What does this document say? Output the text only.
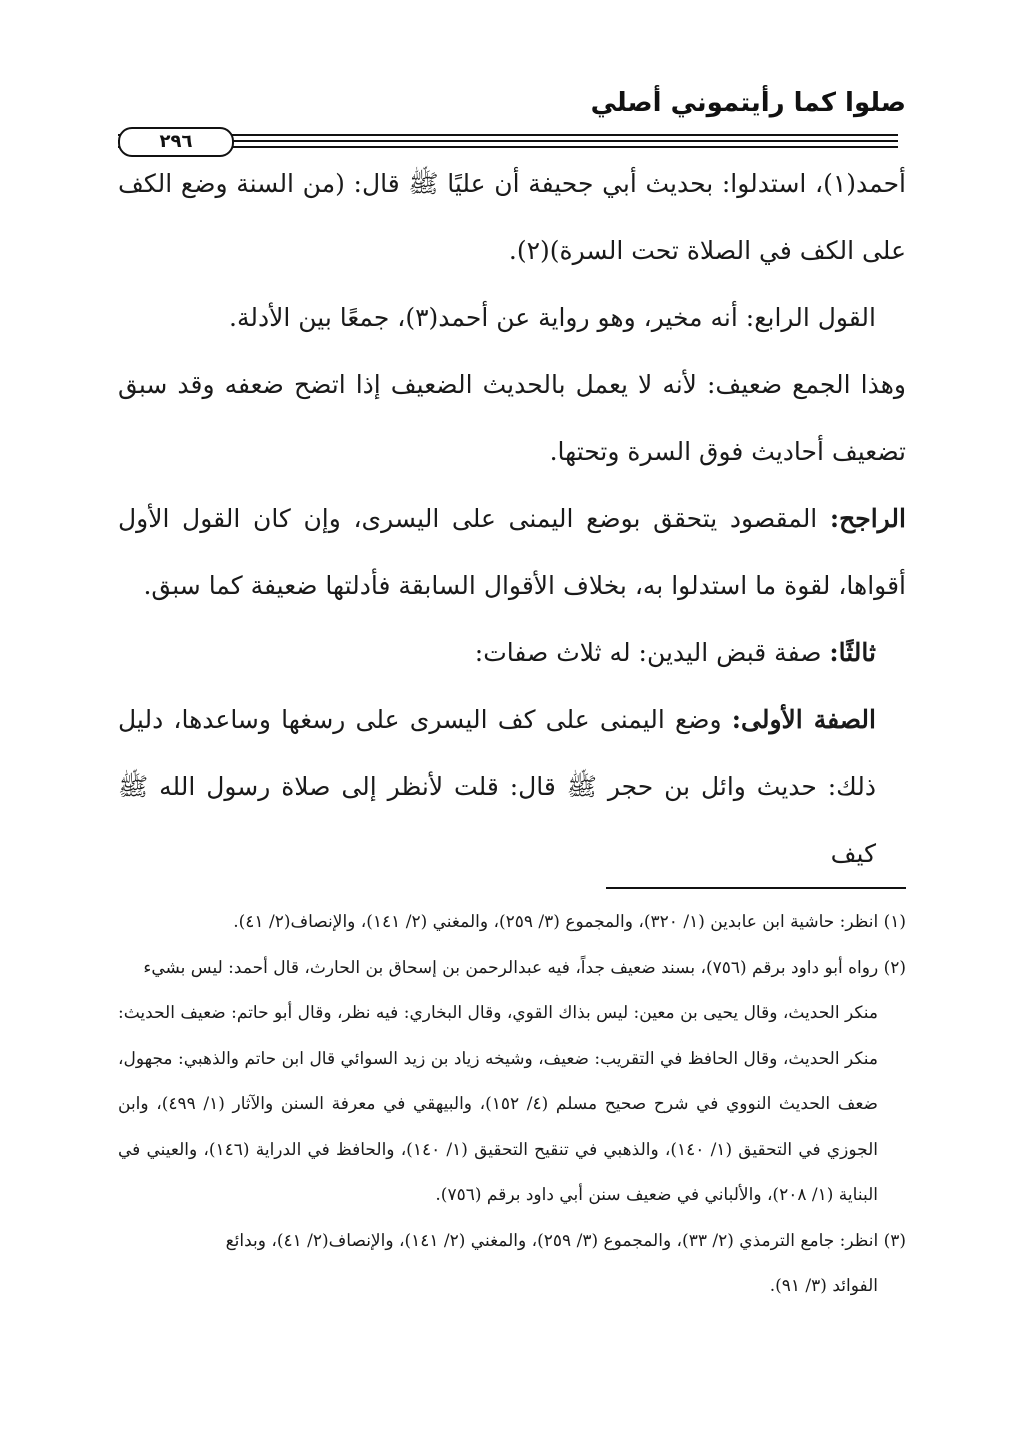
صلوا كما رأيتموني أصلي
٢٩٦

أحمد(١)، استدلوا: بحديث أبي جحيفة أن عليًا ﷺ قال: (من السنة وضع الكف على الكف في الصلاة تحت السرة)(٢).

القول الرابع: أنه مخير، وهو رواية عن أحمد(٣)، جمعًا بين الأدلة.

وهذا الجمع ضعيف: لأنه لا يعمل بالحديث الضعيف إذا اتضح ضعفه وقد سبق تضعيف أحاديث فوق السرة وتحتها.

الراجح: المقصود يتحقق بوضع اليمنى على اليسرى، وإن كان القول الأول أقواها، لقوة ما استدلوا به، بخلاف الأقوال السابقة فأدلتها ضعيفة كما سبق.

ثالثًا: صفة قبض اليدين: له ثلاث صفات:

الصفة الأولى: وضع اليمنى على كف اليسرى على رسغها وساعدها، دليل ذلك: حديث وائل بن حجر ﷺ قال: قلت لأنظر إلى صلاة رسول الله ﷺ كيف

(١) انظر: حاشية ابن عابدين (١/ ٣٢٠)، والمجموع (٣/ ٢٥٩)، والمغني (٢/ ١٤١)، والإنصاف(٢/ ٤١).

(٢) رواه أبو داود برقم (٧٥٦)، بسند ضعيف جداً، فيه عبدالرحمن بن إسحاق بن الحارث، قال أحمد: ليس بشيء

منكر الحديث، وقال يحيى بن معين: ليس بذاك القوي، وقال البخاري: فيه نظر، وقال أبو حاتم: ضعيف الحديث: منكر الحديث، وقال الحافظ في التقريب: ضعيف، وشيخه زياد بن زيد السوائي قال ابن حاتم والذهبي: مجهول، ضعف الحديث النووي في شرح صحيح مسلم (٤/ ١٥٢)، والبيهقي في معرفة السنن والآثار (١/ ٤٩٩)، وابن الجوزي في التحقيق (١/ ١٤٠)، والذهبي في تنقيح التحقيق (١/ ١٤٠)، والحافظ في الدراية (١٤٦)، والعيني في البناية (١/ ٢٠٨)، والألباني في ضعيف سنن أبي داود برقم (٧٥٦).

(٣) انظر: جامع الترمذي (٢/ ٣٣)، والمجموع (٣/ ٢٥٩)، والمغني (٢/ ١٤١)، والإنصاف(٢/ ٤١)، وبدائع

الفوائد (٣/ ٩١).
